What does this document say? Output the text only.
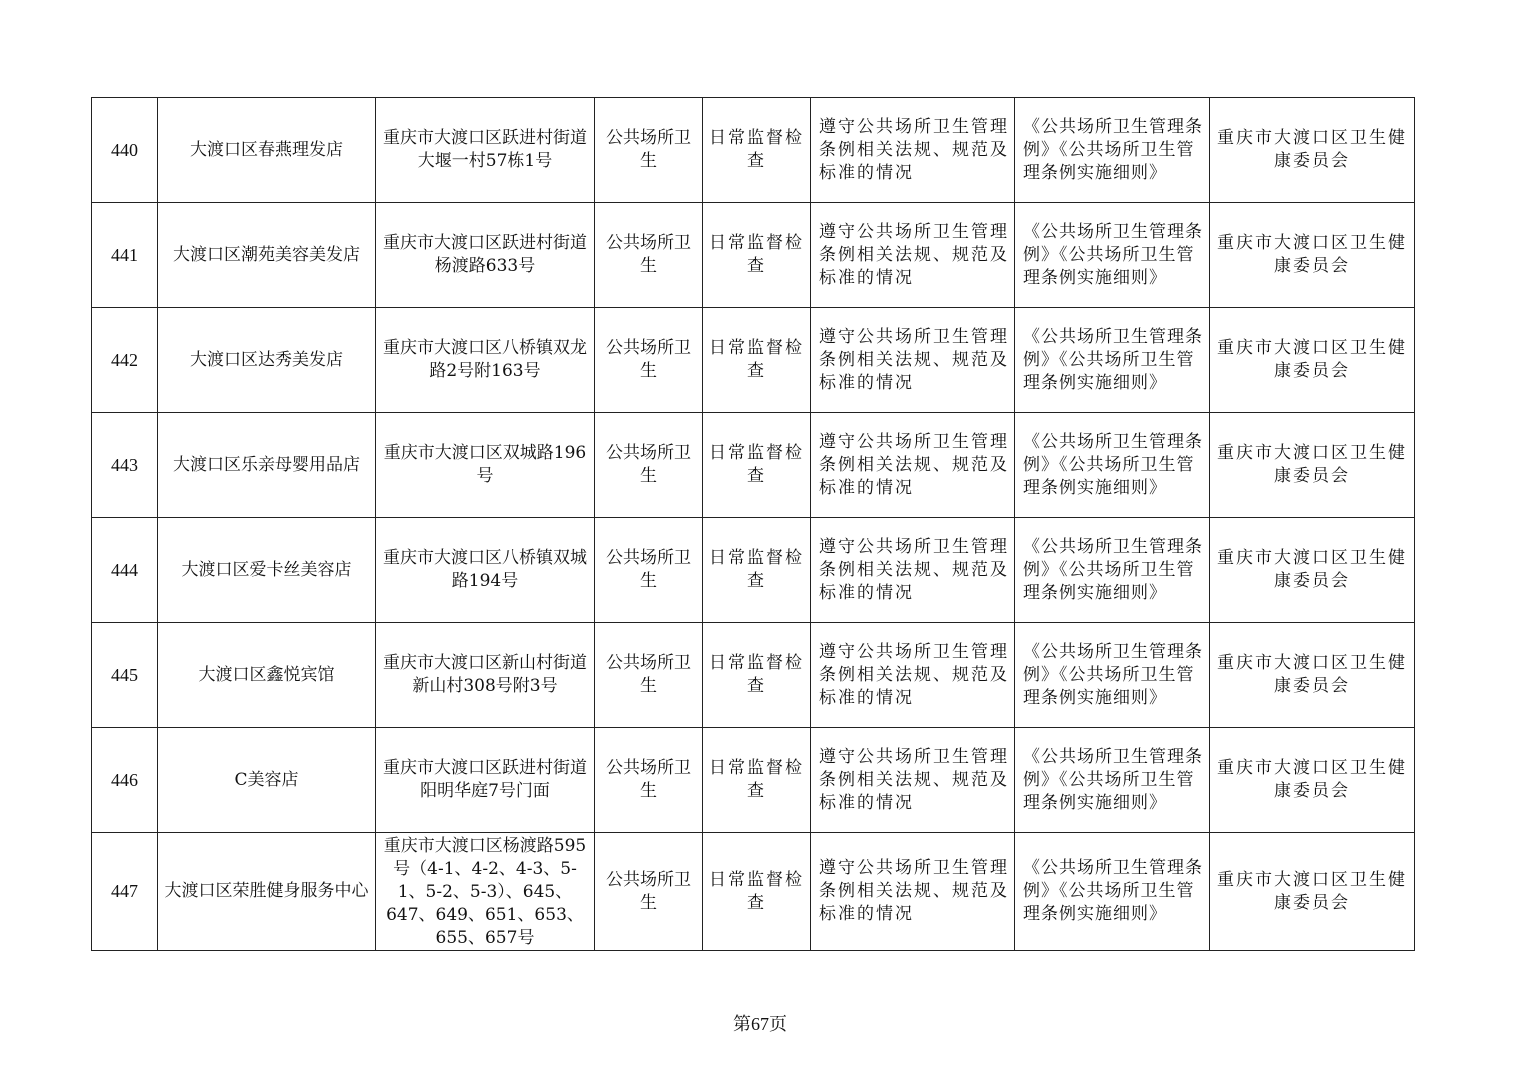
440	大渡口区春燕理发店	重庆市大渡口区跃进村街道大堰一村57栋1号	公共场所卫生	日常监督检查	遵守公共场所卫生管理条例相关法规、规范及标准的情况	《公共场所卫生管理条例》《公共场所卫生管理条例实施细则》	重庆市大渡口区卫生健康委员会
441	大渡口区潮苑美容美发店	重庆市大渡口区跃进村街道杨渡路633号	公共场所卫生	日常监督检查	遵守公共场所卫生管理条例相关法规、规范及标准的情况	《公共场所卫生管理条例》《公共场所卫生管理条例实施细则》	重庆市大渡口区卫生健康委员会
442	大渡口区达秀美发店	重庆市大渡口区八桥镇双龙路2号附163号	公共场所卫生	日常监督检查	遵守公共场所卫生管理条例相关法规、规范及标准的情况	《公共场所卫生管理条例》《公共场所卫生管理条例实施细则》	重庆市大渡口区卫生健康委员会
443	大渡口区乐亲母婴用品店	重庆市大渡口区双城路196号	公共场所卫生	日常监督检查	遵守公共场所卫生管理条例相关法规、规范及标准的情况	《公共场所卫生管理条例》《公共场所卫生管理条例实施细则》	重庆市大渡口区卫生健康委员会
444	大渡口区爱卡丝美容店	重庆市大渡口区八桥镇双城路194号	公共场所卫生	日常监督检查	遵守公共场所卫生管理条例相关法规、规范及标准的情况	《公共场所卫生管理条例》《公共场所卫生管理条例实施细则》	重庆市大渡口区卫生健康委员会
445	大渡口区鑫悦宾馆	重庆市大渡口区新山村街道新山村308号附3号	公共场所卫生	日常监督检查	遵守公共场所卫生管理条例相关法规、规范及标准的情况	《公共场所卫生管理条例》《公共场所卫生管理条例实施细则》	重庆市大渡口区卫生健康委员会
446	C美容店	重庆市大渡口区跃进村街道阳明华庭7号门面	公共场所卫生	日常监督检查	遵守公共场所卫生管理条例相关法规、规范及标准的情况	《公共场所卫生管理条例》《公共场所卫生管理条例实施细则》	重庆市大渡口区卫生健康委员会
447	大渡口区荣胜健身服务中心	重庆市大渡口区杨渡路595号（4-1、4-2、4-3、5-1、5-2、5-3）、645、647、649、651、653、655、657号	公共场所卫生	日常监督检查	遵守公共场所卫生管理条例相关法规、规范及标准的情况	《公共场所卫生管理条例》《公共场所卫生管理条例实施细则》	重庆市大渡口区卫生健康委员会
第67页
